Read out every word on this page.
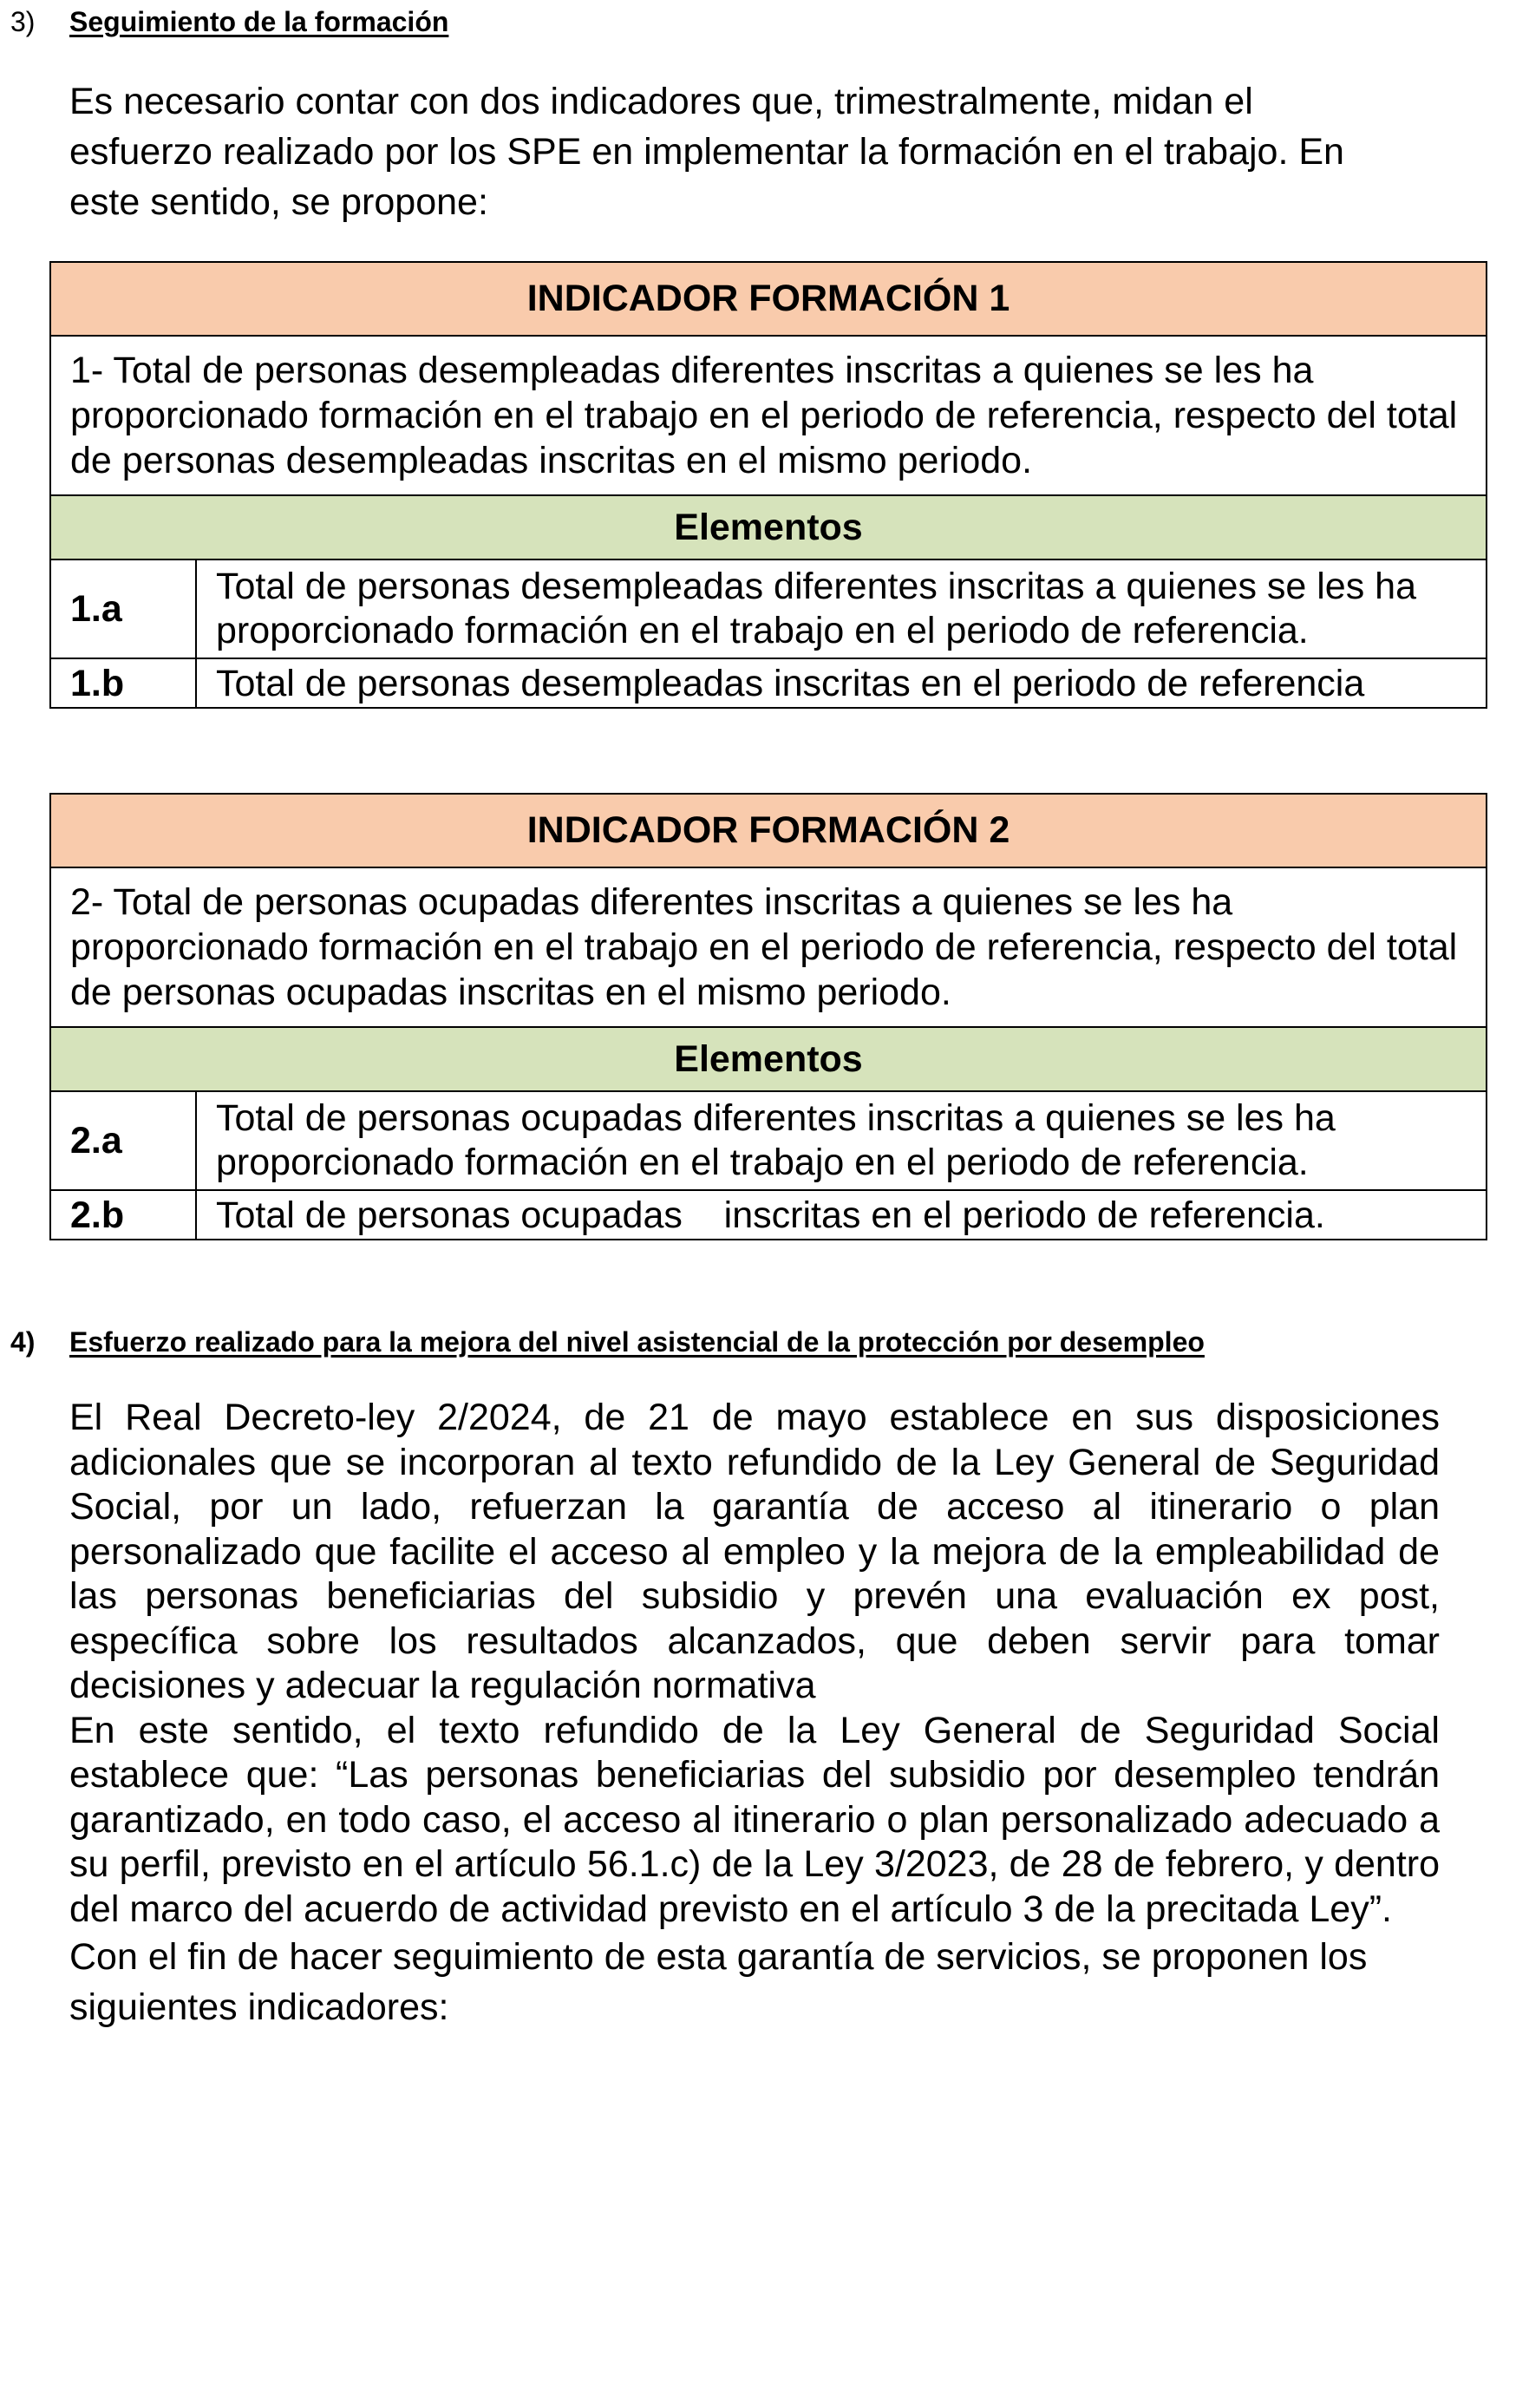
3)	Seguimiento de la formación
Es necesario contar con dos indicadores que, trimestralmente, midan el esfuerzo realizado por los SPE en implementar la formación en el trabajo. En este sentido, se propone:
INDICADOR FORMACIÓN 1	
1- Total de personas desempleadas diferentes inscritas a quienes se les ha proporcionado formación en el trabajo en el periodo de referencia, respecto del total de personas desempleadas inscritas en el mismo periodo.	
Elementos	
1.a	Total de personas desempleadas diferentes inscritas a quienes se les ha proporcionado formación en el trabajo en el periodo de referencia.
1.b	Total de personas desempleadas inscritas en el periodo de referencia
INDICADOR FORMACIÓN 2	
2- Total de personas ocupadas diferentes inscritas a quienes se les ha proporcionado formación en el trabajo en el periodo de referencia, respecto del total de personas ocupadas inscritas en el mismo periodo.	
Elementos	
2.a	Total de personas ocupadas diferentes inscritas a quienes se les ha proporcionado formación en el trabajo en el periodo de referencia.
2.b	Total de personas ocupadas    inscritas en el periodo de referencia.
4)	Esfuerzo realizado para la mejora del nivel asistencial de la protección por desempleo

El Real Decreto-ley 2/2024, de 21 de mayo establece en sus disposiciones adicionales que se incorporan al texto refundido de la Ley General de Seguridad Social, por un lado, refuerzan la garantía de acceso al itinerario o plan personalizado que facilite el acceso al empleo y la mejora de la empleabilidad de las personas beneficiarias del subsidio y prevén una evaluación ex post, específica sobre los resultados alcanzados, que deben servir para tomar decisiones y adecuar la regulación normativa

En este sentido, el texto refundido de la Ley General de Seguridad Social establece que: “Las personas beneficiarias del subsidio por desempleo tendrán garantizado, en todo caso, el acceso al itinerario o plan personalizado adecuado a su perfil, previsto en el artículo 56.1.c) de la Ley 3/2023, de 28 de febrero, y dentro del marco del acuerdo de actividad previsto en el artículo 3 de la precitada Ley”.

Con el fin de hacer seguimiento de esta garantía de servicios, se proponen los siguientes indicadores:
